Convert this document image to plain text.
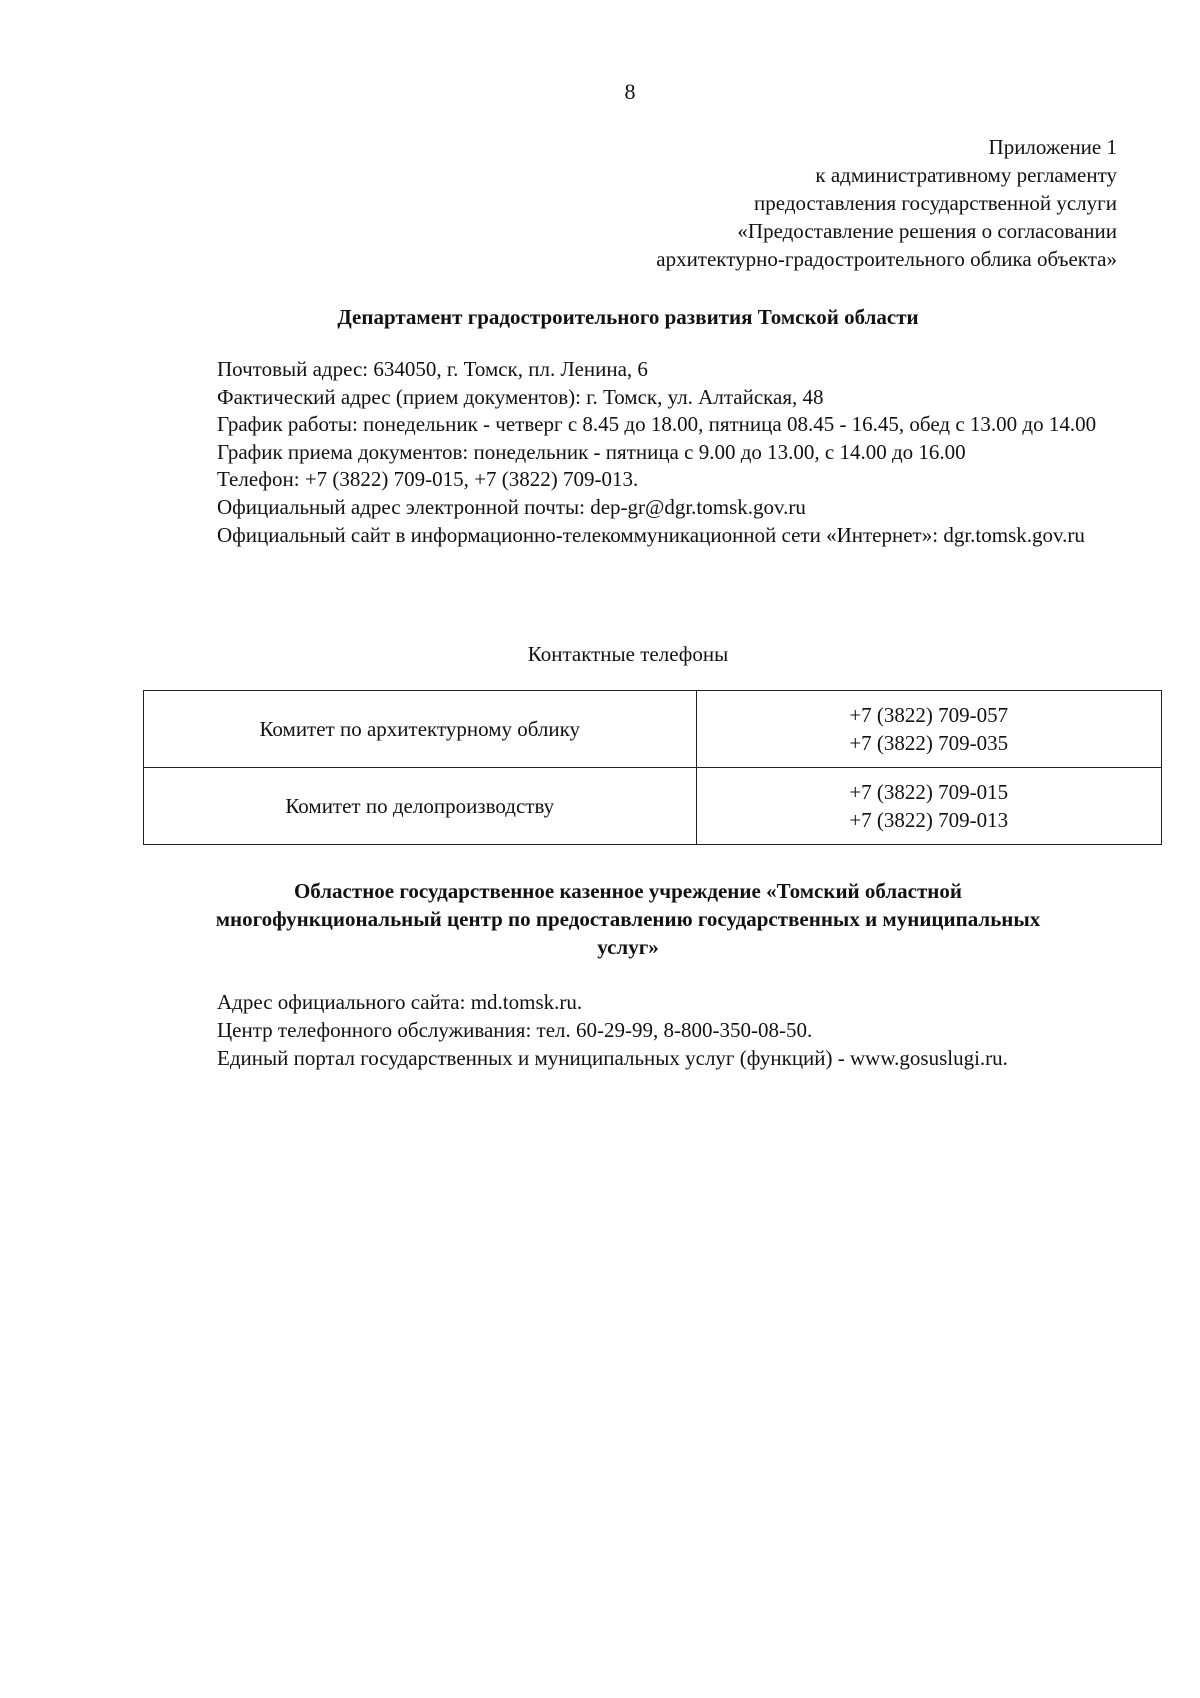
8
Приложение 1
к административному регламенту
предоставления государственной услуги
«Предоставление решения о согласовании
архитектурно-градостроительного облика объекта»
Департамент градостроительного развития Томской области

Почтовый адрес: 634050, г. Томск, пл. Ленина, 6

Фактический адрес (прием документов): г. Томск, ул. Алтайская, 48

График работы: понедельник - четверг с 8.45 до 18.00, пятница 08.45 - 16.45, обед с 13.00 до 14.00

График приема документов: понедельник - пятница с 9.00 до 13.00, с 14.00 до 16.00

Телефон: +7 (3822) 709-015, +7 (3822) 709-013.

Официальный адрес электронной почты: dep-gr@dgr.tomsk.gov.ru

Официальный сайт в информационно-телекоммуникационной сети «Интернет»: dgr.tomsk.gov.ru

Контактные телефоны
Комитет по архитектурному облику	+7 (3822) 709-057
+7 (3822) 709-035

Комитет по делопроизводству	+7 (3822) 709-015
+7 (3822) 709-013
Областное государственное казенное учреждение «Томский областной
многофункциональный центр по предоставлению государственных и муниципальных
услуг»

Адрес официального сайта: md.tomsk.ru.

Центр телефонного обслуживания: тел. 60-29-99, 8-800-350-08-50.

Единый портал государственных и муниципальных услуг (функций) - www.gosuslugi.ru.
